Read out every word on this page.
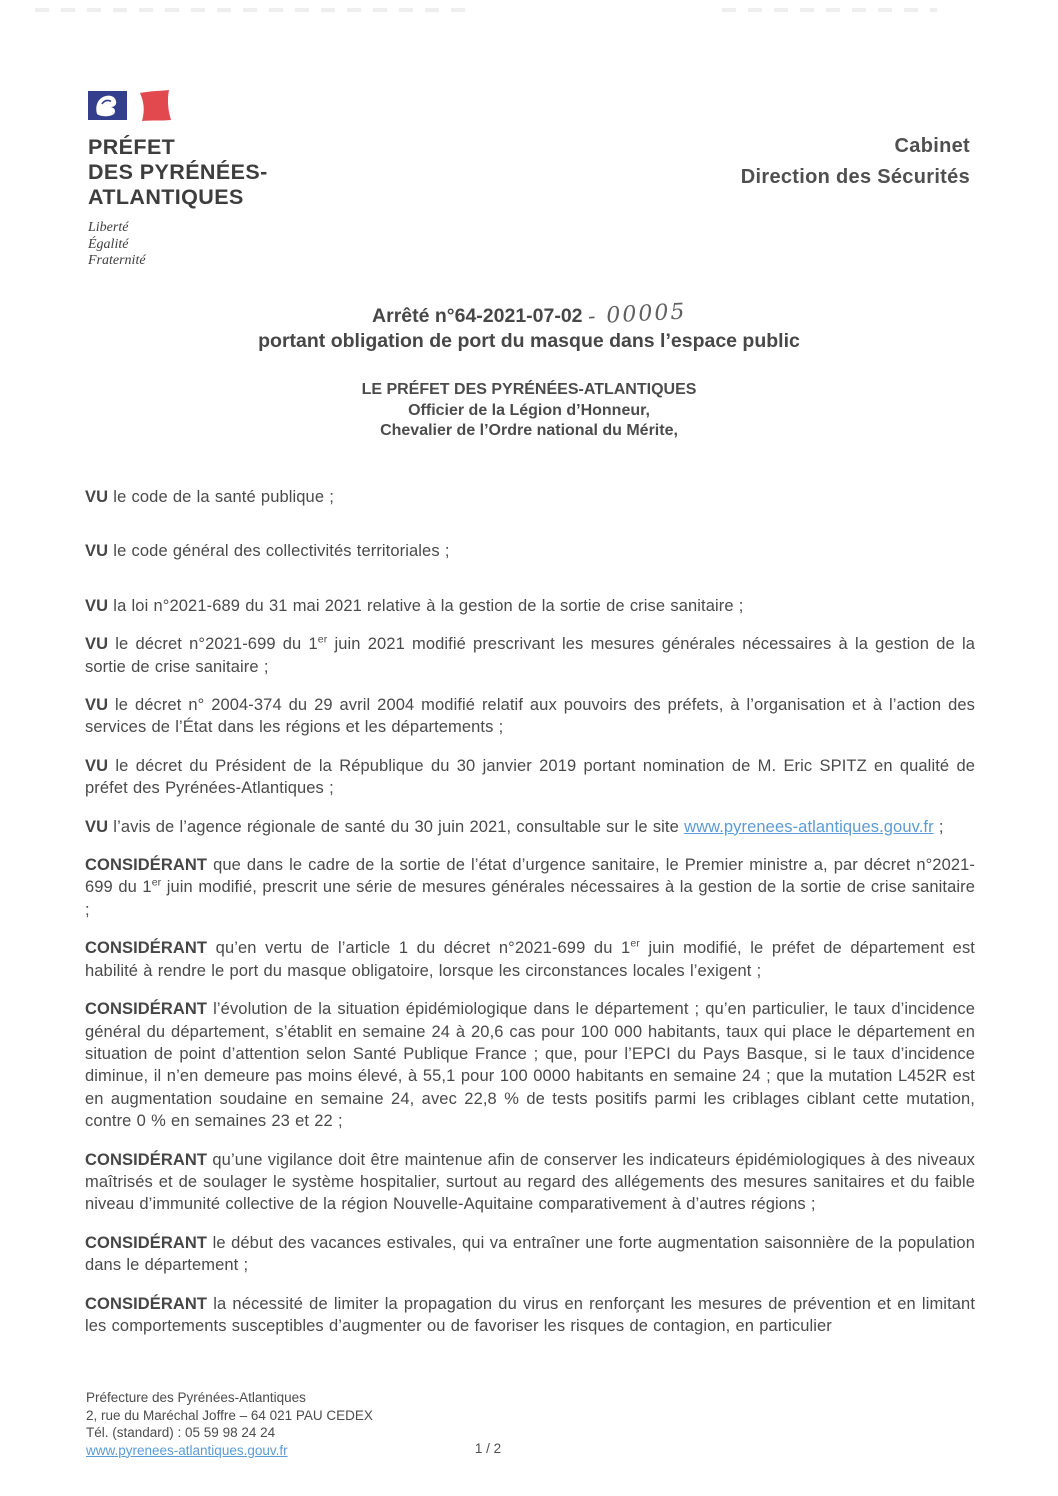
PRÉFET
DES PYRÉNÉES-
ATLANTIQUES
Liberté
Égalité
Fraternité
Cabinet
Direction des Sécurités
Arrêté n°64-2021-07-02 - 00005
portant obligation de port du masque dans l’espace public
LE PRÉFET DES PYRÉNÉES-ATLANTIQUES
Officier de la Légion d’Honneur,
Chevalier de l’Ordre national du Mérite,

VU le code de la santé publique ;

VU le code général des collectivités territoriales ;

VU la loi n°2021-689 du 31 mai 2021 relative à la gestion de la sortie de crise sanitaire ;

VU le décret n°2021-699 du 1er juin 2021 modifié prescrivant les mesures générales nécessaires à la gestion de la sortie de crise sanitaire ;

VU le décret n° 2004-374 du 29 avril 2004 modifié relatif aux pouvoirs des préfets, à l’organisation et à l’action des services de l’État dans les régions et les départements ;

VU le décret du Président de la République du 30 janvier 2019 portant nomination de M. Eric SPITZ en qualité de préfet des Pyrénées-Atlantiques ;

VU l’avis de l’agence régionale de santé du 30 juin 2021, consultable sur le site www.pyrenees-atlantiques.gouv.fr ;

CONSIDÉRANT que dans le cadre de la sortie de l’état d’urgence sanitaire, le Premier ministre a, par décret n°2021-699 du 1er juin modifié, prescrit une série de mesures générales nécessaires à la gestion de la sortie de crise sanitaire ;

CONSIDÉRANT qu’en vertu de l’article 1 du décret n°2021-699 du 1er juin modifié, le préfet de département est habilité à rendre le port du masque obligatoire, lorsque les circonstances locales l’exigent ;

CONSIDÉRANT l’évolution de la situation épidémiologique dans le département ; qu’en particulier, le taux d’incidence général du département, s’établit en semaine 24 à 20,6 cas pour 100 000 habitants, taux qui place le département en situation de point d’attention selon Santé Publique France ; que, pour l’EPCI du Pays Basque, si le taux d’incidence diminue, il n’en demeure pas moins élevé, à 55,1 pour 100 0000 habitants en semaine 24 ; que la mutation L452R est en augmentation soudaine en semaine 24, avec 22,8 % de tests positifs parmi les criblages ciblant cette mutation, contre 0 % en semaines 23 et 22 ;

CONSIDÉRANT qu’une vigilance doit être maintenue afin de conserver les indicateurs épidémiologiques à des niveaux maîtrisés et de soulager le système hospitalier, surtout au regard des allégements des mesures sanitaires et du faible niveau d’immunité collective de la région Nouvelle-Aquitaine comparativement à d’autres régions ;

CONSIDÉRANT le début des vacances estivales, qui va entraîner une forte augmentation saisonnière de la population dans le département ;

CONSIDÉRANT la nécessité de limiter la propagation du virus en renforçant les mesures de prévention et en limitant les comportements susceptibles d’augmenter ou de favoriser les risques de contagion, en particulier

Préfecture des Pyrénées-Atlantiques
2, rue du Maréchal Joffre – 64 021 PAU CEDEX
Tél. (standard) : 05 59 98 24 24
www.pyrenees-atlantiques.gouv.fr	1 / 2
